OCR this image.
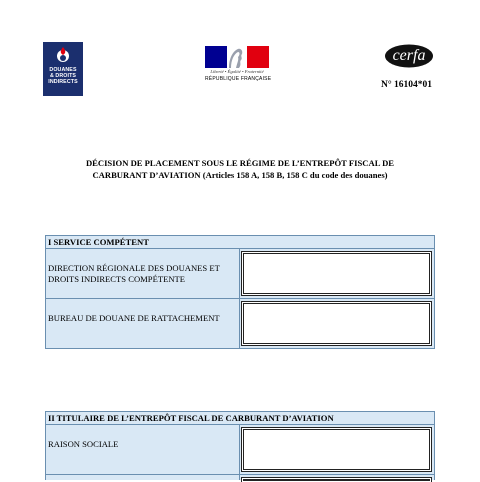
DOUANES
& DROITS
INDIRECTS
Liberté • Égalité • Fraternité
RÉPUBLIQUE FRANÇAISE
cerfa
N° 16104*01
DÉCISION DE PLACEMENT SOUS LE RÉGIME DE L’ENTREPÔT FISCAL DE
CARBURANT D’AVIATION (Articles 158 A, 158 B, 158 C du code des douanes)
I SERVICE COMPÉTENT
DIRECTION RÉGIONALE DES DOUANES ET DROITS INDIRECTS COMPÉTENTE
BUREAU DE DOUANE DE RATTACHEMENT
II TITULAIRE DE L’ENTREPÔT FISCAL DE CARBURANT D’AVIATION
RAISON SOCIALE
